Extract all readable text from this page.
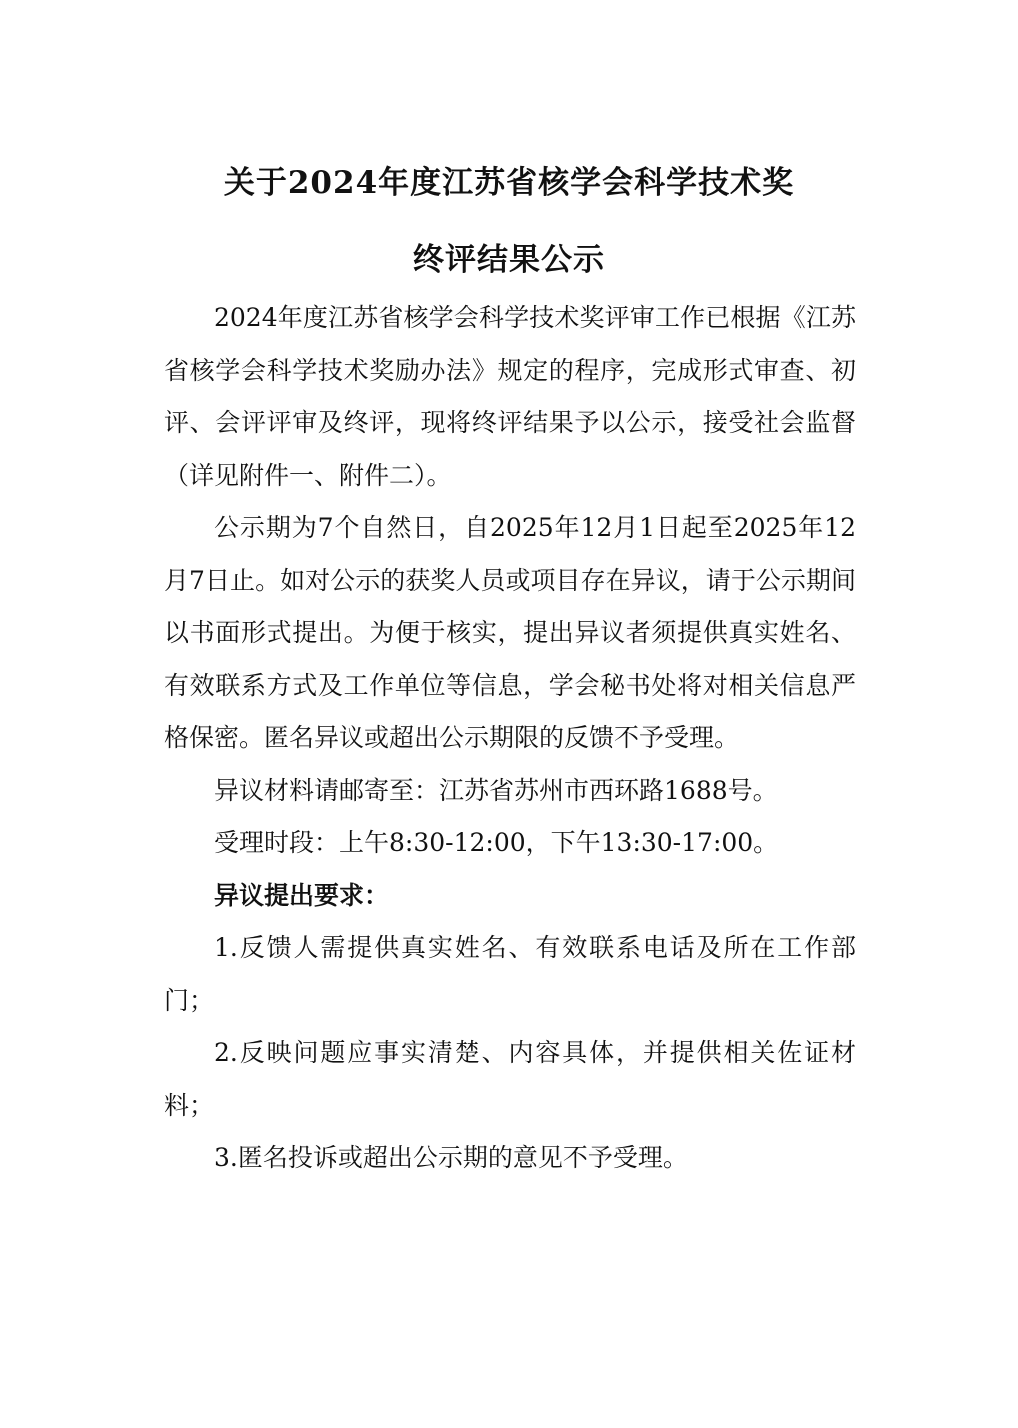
关于2024年度江苏省核学会科学技术奖
终评结果公示

2024年度江苏省核学会科学技术奖评审工作已根据《江苏省核学会科学技术奖励办法》规定的程序，完成形式审查、初评、会评评审及终评，现将终评结果予以公示，接受社会监督（详见附件一、附件二）。

公示期为7个自然日，自2025年12月1日起至2025年12月7日止。如对公示的获奖人员或项目存在异议，请于公示期间以书面形式提出。为便于核实，提出异议者须提供真实姓名、有效联系方式及工作单位等信息，学会秘书处将对相关信息严格保密。匿名异议或超出公示期限的反馈不予受理。

异议材料请邮寄至：江苏省苏州市西环路1688号。

受理时段：上午8:30-12:00，下午13:30-17:00。

异议提出要求：

1.反馈人需提供真实姓名、有效联系电话及所在工作部门；

2.反映问题应事实清楚、内容具体，并提供相关佐证材料；

3.匿名投诉或超出公示期的意见不予受理。
